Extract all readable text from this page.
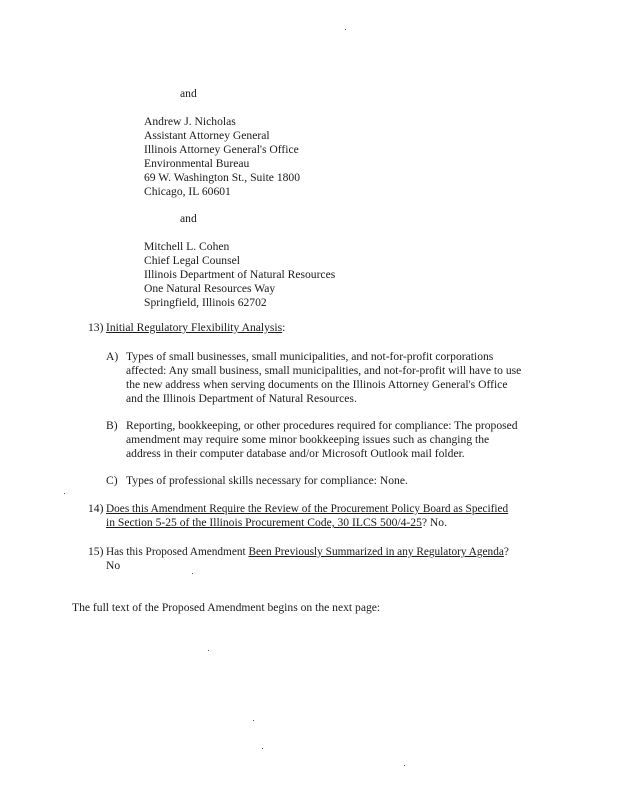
and
Andrew J. Nicholas
Assistant Attorney General
Illinois Attorney General's Office
Environmental Bureau
69 W. Washington St., Suite 1800
Chicago, IL 60601
and
Mitchell L. Cohen
Chief Legal Counsel
Illinois Department of Natural Resources
One Natural Resources Way
Springfield, Illinois 62702
13) Initial Regulatory Flexibility Analysis:
A) Types of small businesses, small municipalities, and not-for-profit corporations
affected: Any small business, small municipalities, and not-for-profit will have to use
the new address when serving documents on the Illinois Attorney General's Office
and the Illinois Department of Natural Resources.
B) Reporting, bookkeeping, or other procedures required for compliance: The proposed
amendment may require some minor bookkeeping issues such as changing the
address in their computer database and/or Microsoft Outlook mail folder.
C) Types of professional skills necessary for compliance: None.
14) Does this Amendment Require the Review of the Procurement Policy Board as Specified
in Section 5-25 of the Illinois Procurement Code, 30 ILCS 500/4-25? No.
15) Has this Proposed Amendment Been Previously Summarized in any Regulatory Agenda?
No
The full text of the Proposed Amendment begins on the next page:
